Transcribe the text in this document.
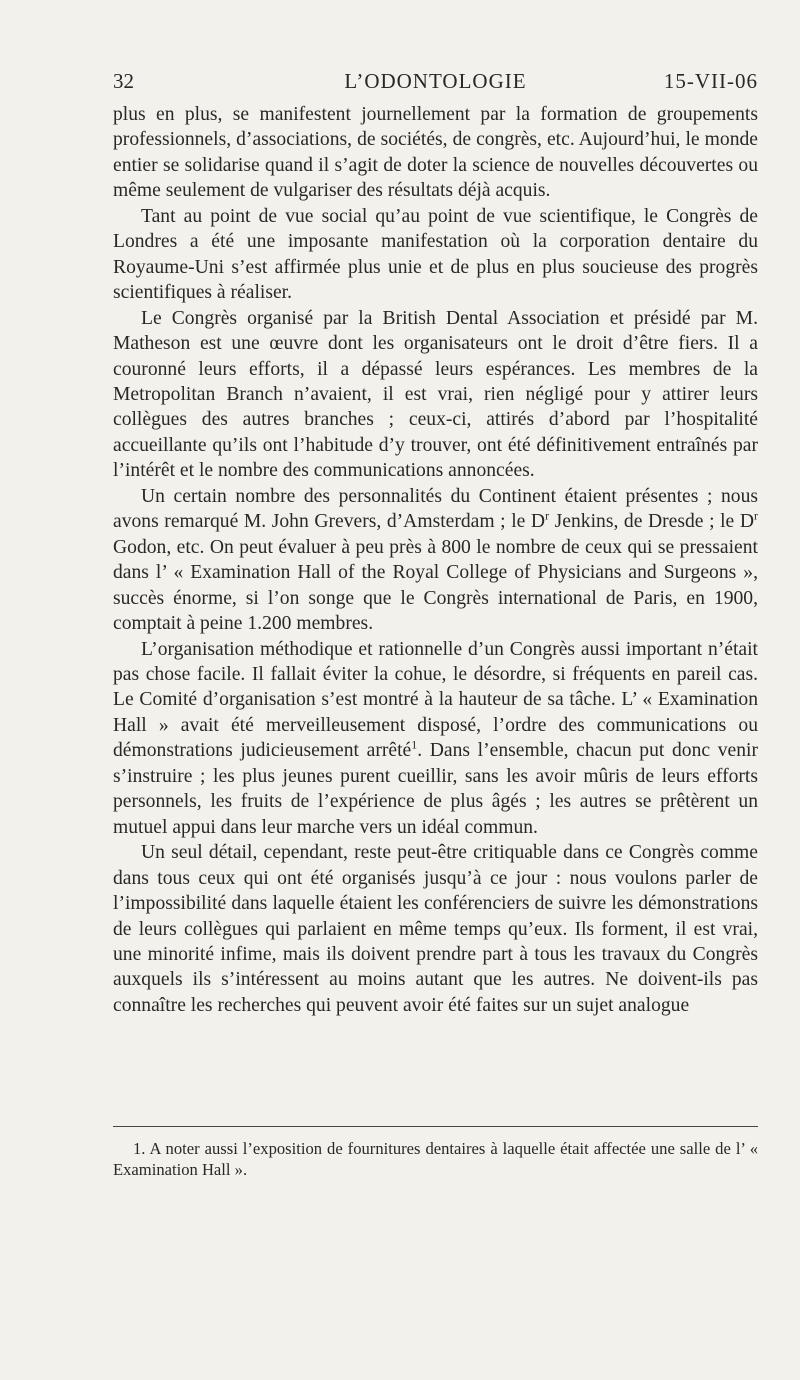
32	L’ODONTOLOGIE	15-VII-06

plus en plus, se manifestent journellement par la formation de groupements professionnels, d’associations, de sociétés, de congrès, etc. Aujourd’hui, le monde entier se solidarise quand il s’agit de doter la science de nouvelles découvertes ou même seulement de vulgariser des résultats déjà acquis.

Tant au point de vue social qu’au point de vue scientifique, le Congrès de Londres a été une imposante manifestation où la corporation dentaire du Royaume-Uni s’est affirmée plus unie et de plus en plus soucieuse des progrès scientifiques à réaliser.

Le Congrès organisé par la British Dental Association et présidé par M. Matheson est une œuvre dont les organisateurs ont le droit d’être fiers. Il a couronné leurs efforts, il a dépassé leurs espérances. Les membres de la Metropolitan Branch n’avaient, il est vrai, rien négligé pour y attirer leurs collègues des autres branches ; ceux-ci, attirés d’abord par l’hospitalité accueillante qu’ils ont l’habitude d’y trouver, ont été définitivement entraînés par l’intérêt et le nombre des communications annoncées.

Un certain nombre des personnalités du Continent étaient présentes ; nous avons remarqué M. John Grevers, d’Amsterdam ; le $D^r$ Jenkins, de Dresde ; le $D^r$ Godon, etc. On peut évaluer à peu près à 800 le nombre de ceux qui se pressaient dans l’ « Examination Hall of the Royal College of Physicians and Surgeons », succès énorme, si l’on songe que le Congrès international de Paris, en 1900, comptait à peine 1.200 membres.

L’organisation méthodique et rationnelle d’un Congrès aussi important n’était pas chose facile. Il fallait éviter la cohue, le désordre, si fréquents en pareil cas. Le Comité d’organisation s’est montré à la hauteur de sa tâche. L’ « Examination Hall » avait été merveilleusement disposé, l’ordre des communications ou démonstrations judicieusement arrêté$^1$. Dans l’ensemble, chacun put donc venir s’instruire ; les plus jeunes purent cueillir, sans les avoir mûris de leurs efforts personnels, les fruits de l’expérience de plus âgés ; les autres se prêtèrent un mutuel appui dans leur marche vers un idéal commun.

Un seul détail, cependant, reste peut-être critiquable dans ce Congrès comme dans tous ceux qui ont été organisés jusqu’à ce jour : nous voulons parler de l’impossibilité dans laquelle étaient les conférenciers de suivre les démonstrations de leurs collègues qui parlaient en même temps qu’eux. Ils forment, il est vrai, une minorité infime, mais ils doivent prendre part à tous les travaux du Congrès auxquels ils s’intéressent au moins autant que les autres. Ne doivent-ils pas connaître les recherches qui peuvent avoir été faites sur un sujet analogue

1. A noter aussi l’exposition de fournitures dentaires à laquelle était affectée une salle de l’ « Examination Hall ».
